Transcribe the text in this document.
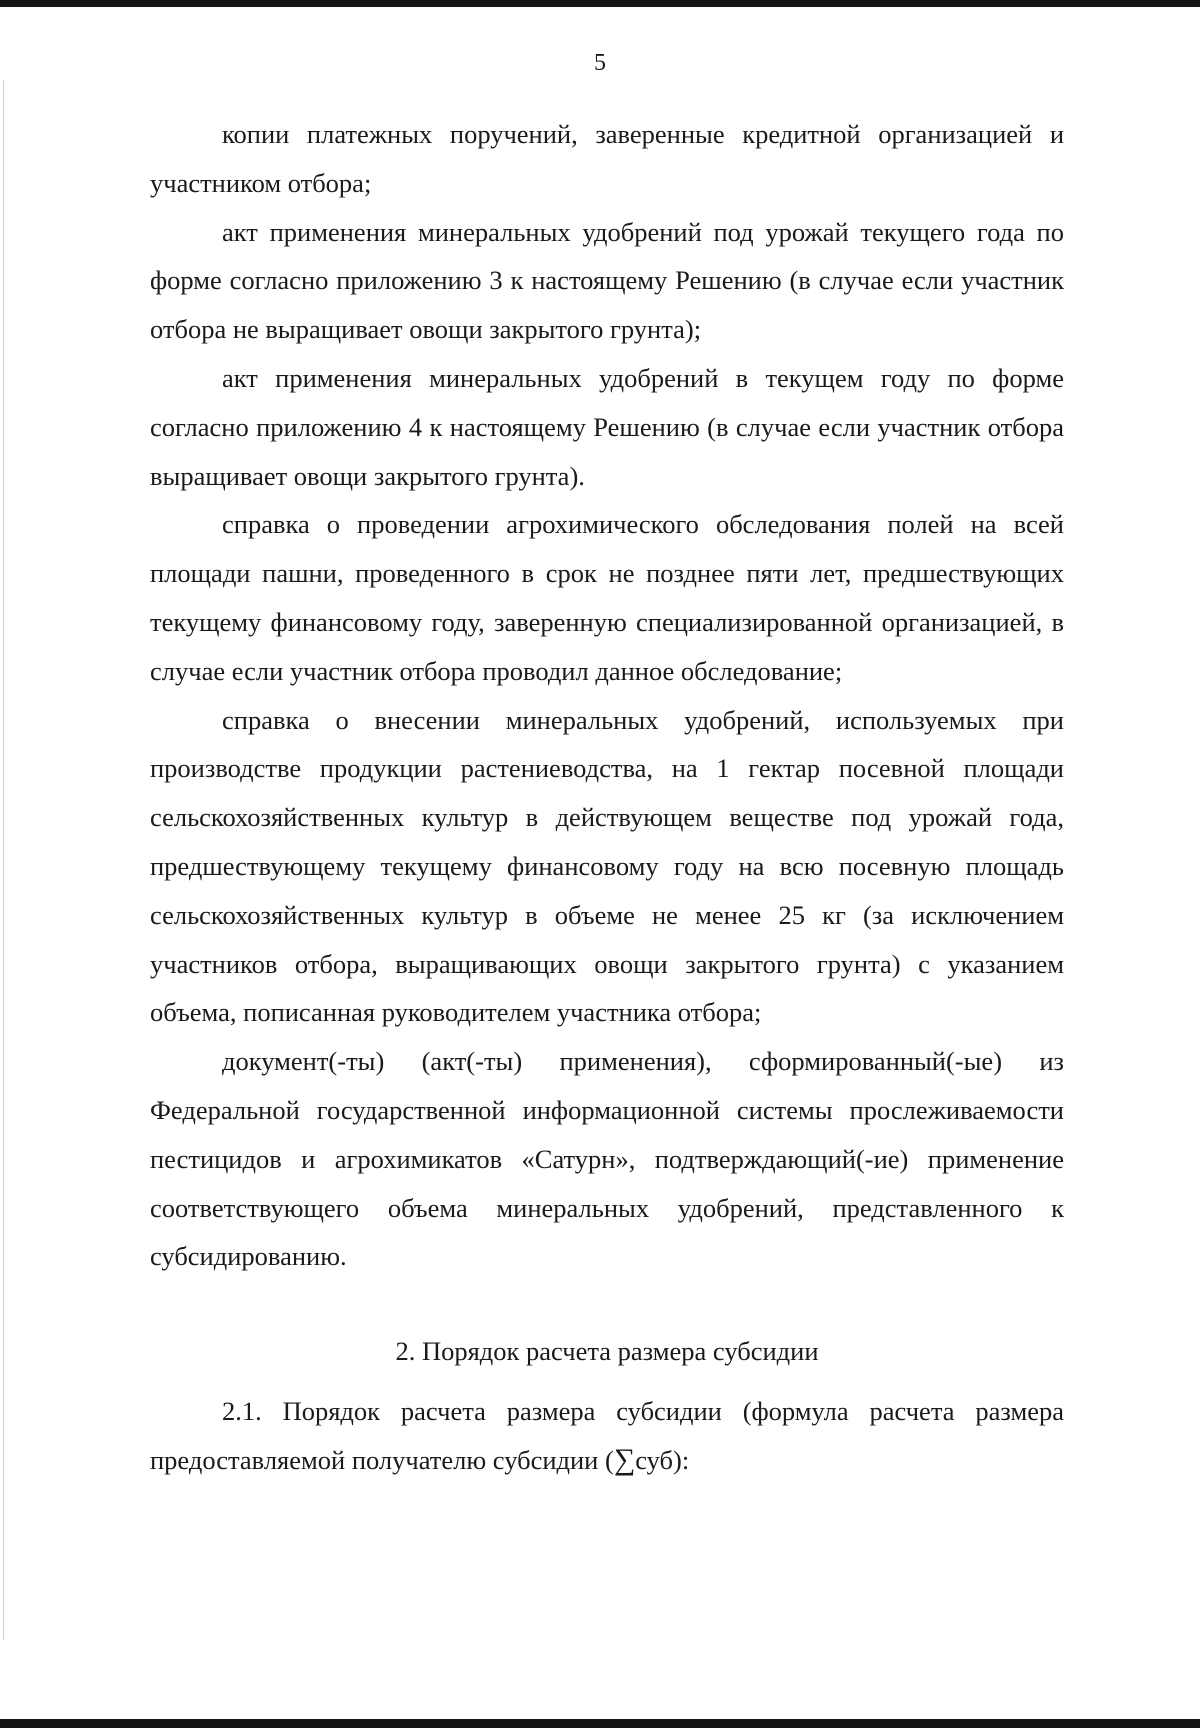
5

копии платежных поручений, заверенные кредитной организацией и участником отбора;

акт применения минеральных удобрений под урожай текущего года по форме согласно приложению 3 к настоящему Решению (в случае если участник отбора не выращивает овощи закрытого грунта);

акт применения минеральных удобрений в текущем году по форме согласно приложению 4 к настоящему Решению (в случае если участник отбора выращивает овощи закрытого грунта).

справка о проведении агрохимического обследования полей на всей площади пашни, проведенного в срок не позднее пяти лет, предшествующих текущему финансовому году, заверенную специализированной организацией, в случае если участник отбора проводил данное обследование;

справка о внесении минеральных удобрений, используемых при производстве продукции растениеводства, на 1 гектар посевной площади сельскохозяйственных культур в действующем веществе под урожай года, предшествующему текущему финансовому году на всю посевную площадь сельскохозяйственных культур в объеме не менее 25 кг (за исключением участников отбора, выращивающих овощи закрытого грунта) с указанием объема, пописанная руководителем участника отбора;

документ(-ты) (акт(-ты) применения), сформированный(-ые) из Федеральной государственной информационной системы прослеживаемости пестицидов и агрохимикатов «Сатурн», подтверждающий(-ие) применение соответствующего объема минеральных удобрений, представленного к субсидированию.

2. Порядок расчета размера субсидии

2.1. Порядок расчета размера субсидии (формула расчета размера предоставляемой получателю субсидии (∑суб):
